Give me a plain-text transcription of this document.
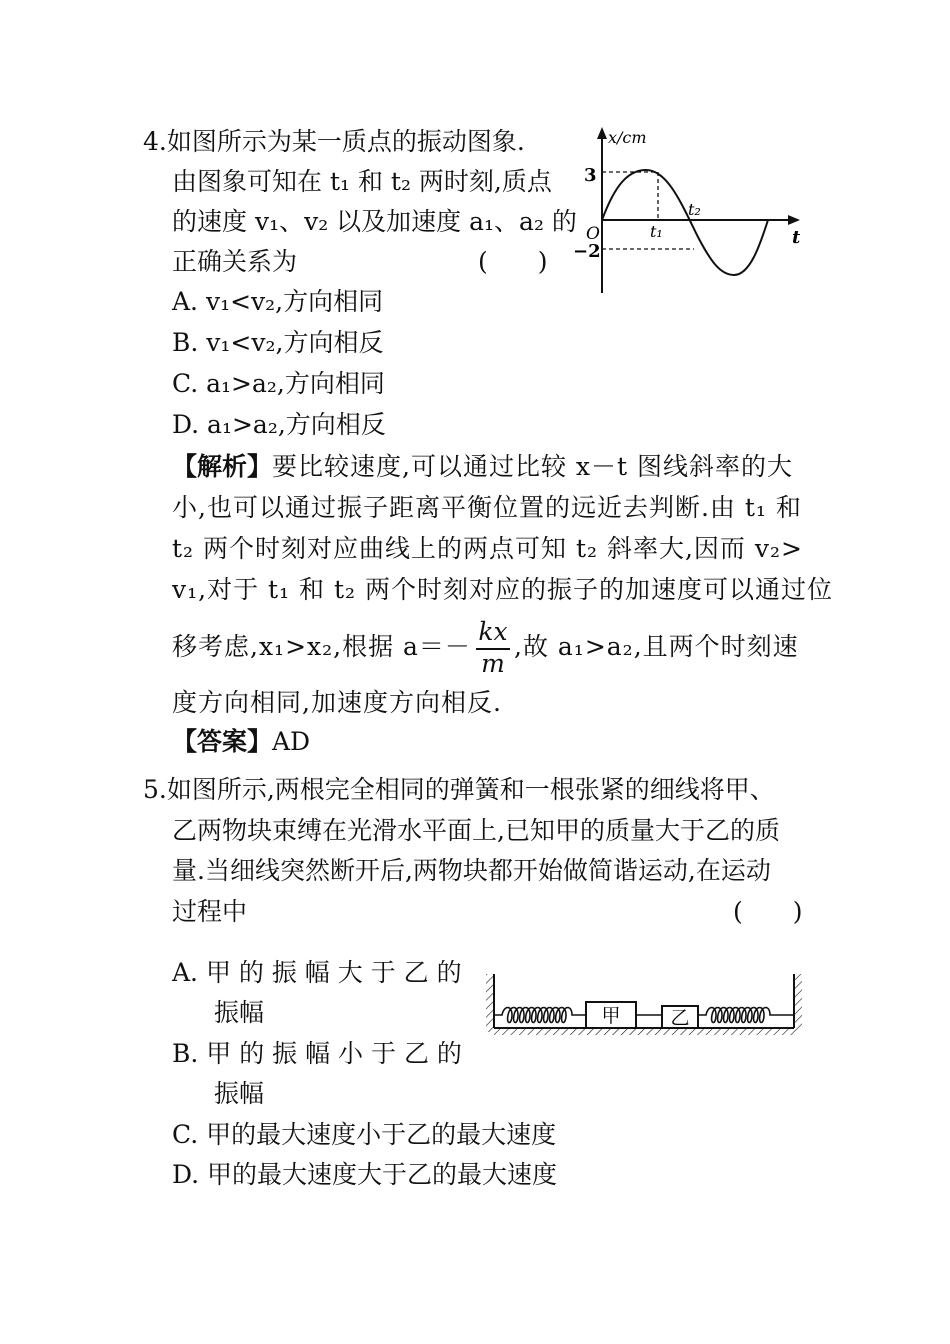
4.如图所示为某一质点的振动图象.
由图象可知在 t₁ 和 t₂ 两时刻,质点
的速度 v₁、v₂ 以及加速度 a₁、a₂ 的
正确关系为	(　　)
A. v₁<v₂,方向相同
B. v₁<v₂,方向相反
C. a₁>a₂,方向相同
D. a₁>a₂,方向相反
x/cm
t
O
3
−2
t₁
t₂
【解析】 要比较速度,可以通过比较 x－t 图线斜率的大
小,也可以通过振子距离平衡位置的远近去判断.由 t₁ 和
t₂ 两个时刻对应曲线上的两点可知 t₂ 斜率大,因而 v₂>
v₁,对于 t₁ 和 t₂ 两个时刻对应的振子的加速度可以通过位
移考虑,x₁>x₂,根据 a＝－
kx
m
,故 a₁>a₂,且两个时刻速
度方向相同,加速度方向相反.
【答案】 AD
5.如图所示,两根完全相同的弹簧和一根张紧的细线将甲、
乙两物块束缚在光滑水平面上,已知甲的质量大于乙的质
量.当细线突然断开后,两物块都开始做简谐运动,在运动
过程中	(　　)
A. 甲 的 振 幅 大 于 乙 的
振幅
B. 甲 的 振 幅 小 于 乙 的
振幅
C. 甲的最大速度小于乙的最大速度
D. 甲的最大速度大于乙的最大速度
甲	乙
